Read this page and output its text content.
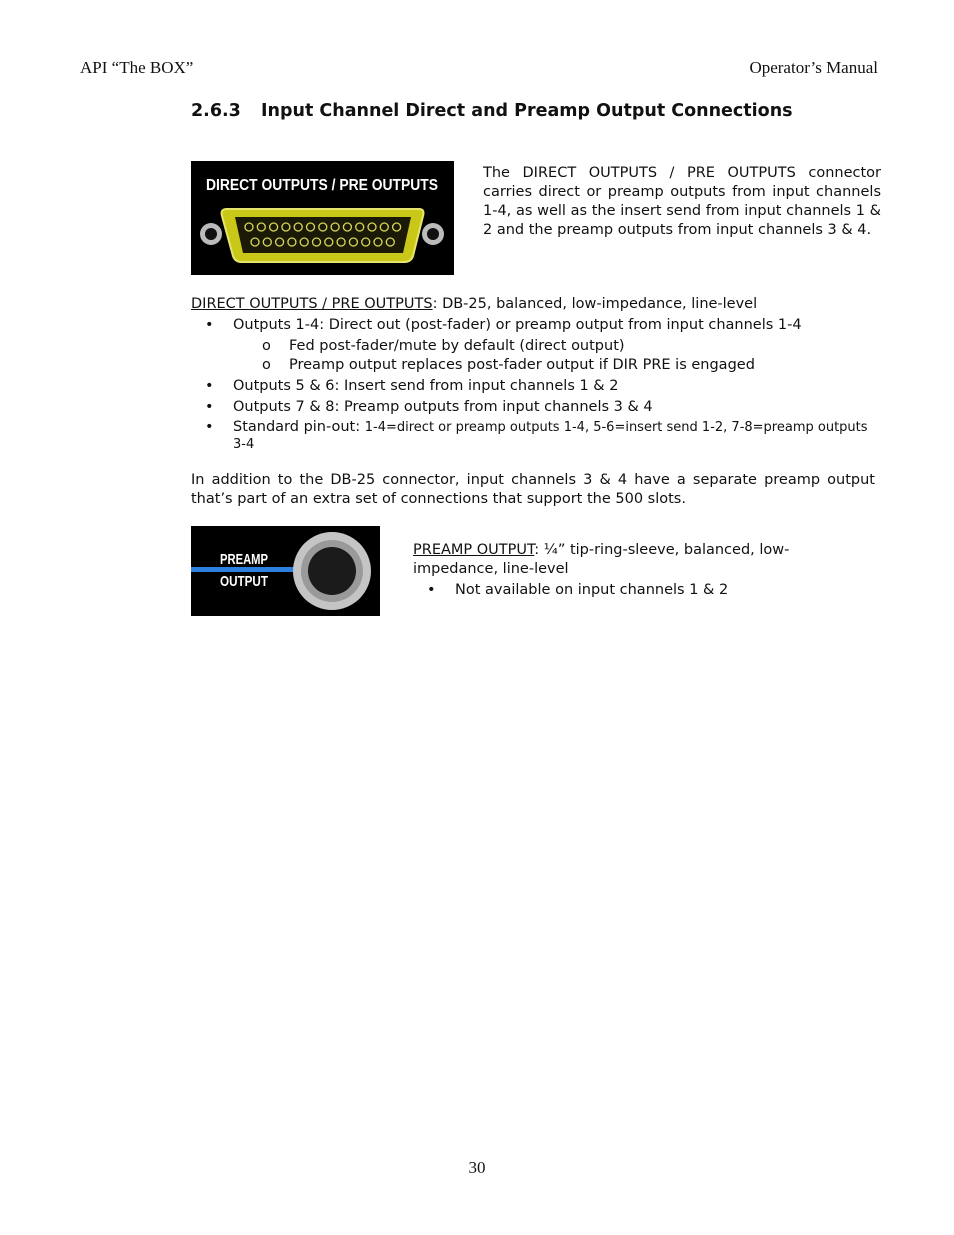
API “The BOX”	Operator’s Manual
2.6.3 Input Channel Direct and Preamp Output Connections
DIRECT OUTPUTS / PRE OUTPUTS
The DIRECT OUTPUTS / PRE OUTPUTS connector carries direct or preamp outputs from input channels 1-4, as well as the insert send from input channels 1 & 2 and the preamp outputs from input channels 3 & 4.
DIRECT OUTPUTS / PRE OUTPUTS: DB-25, balanced, low-impedance, line-level
• Outputs 1-4: Direct out (post-fader) or preamp output from input channels 1-4
o Fed post-fader/mute by default (direct output)
o Preamp output replaces post-fader output if DIR PRE is engaged
• Outputs 5 & 6: Insert send from input channels 1 & 2
• Outputs 7 & 8: Preamp outputs from input channels 3 & 4
• Standard pin-out: 1-4=direct or preamp outputs 1-4, 5-6=insert send 1-2, 7-8=preamp outputs 3-4
In addition to the DB-25 connector, input channels 3 & 4 have a separate preamp output that’s part of an extra set of connections that support the 500 slots.
PREAMP
OUTPUT
PREAMP OUTPUT: ¼” tip-ring-sleeve, balanced, low-impedance, line-level
• Not available on input channels 1 & 2
30
